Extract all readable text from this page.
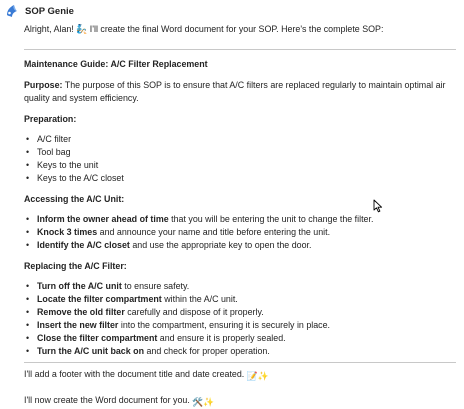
SOP Genie

Alright, Alan! 🧞 I'll create the final Word document for your SOP. Here's the complete SOP:

Maintenance Guide: A/C Filter Replacement

Purpose: The purpose of this SOP is to ensure that A/C filters are replaced regularly to maintain optimal air quality and system efficiency.

Preparation:

• A/C filter
• Tool bag
• Keys to the unit
• Keys to the A/C closet

Accessing the A/C Unit:

• Inform the owner ahead of time that you will be entering the unit to change the filter.
• Knock 3 times and announce your name and title before entering the unit.
• Identify the A/C closet and use the appropriate key to open the door.

Replacing the A/C Filter:

• Turn off the A/C unit to ensure safety.
• Locate the filter compartment within the A/C unit.
• Remove the old filter carefully and dispose of it properly.
• Insert the new filter into the compartment, ensuring it is securely in place.
• Close the filter compartment and ensure it is properly sealed.
• Turn the A/C unit back on and check for proper operation.

I'll add a footer with the document title and date created. 📝✨

I'll now create the Word document for you. 🛠️✨
